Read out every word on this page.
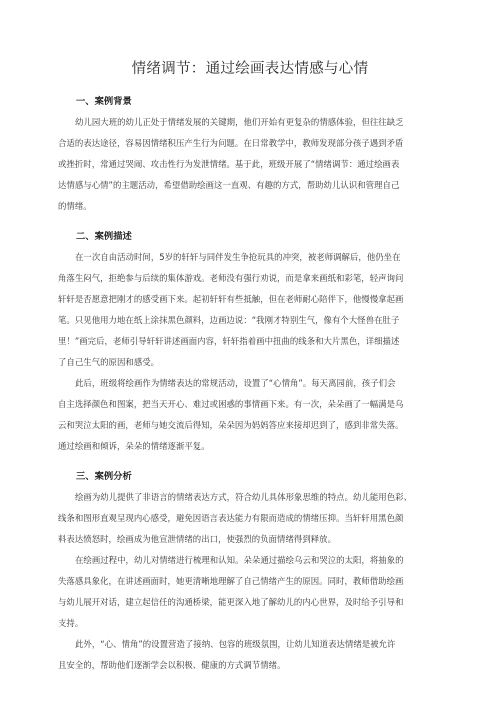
情绪调节：通过绘画表达情感与心情
一、案例背景
幼儿园大班的幼儿正处于情绪发展的关键期，他们开始有更复杂的情感体验，但往往缺乏
合适的表达途径，容易因情绪积压产生行为问题。在日常教学中，教师发现部分孩子遇到矛盾
或挫折时，常通过哭闹、攻击性行为发泄情绪。基于此，班级开展了“情绪调节：通过绘画表
达情感与心情”的主题活动，希望借助绘画这一直观、有趣的方式，帮助幼儿认识和管理自己
的情绪。
二、案例描述
在一次自由活动时间，5岁的轩轩与同伴发生争抢玩具的冲突，被老师调解后，他仍坐在
角落生闷气，拒绝参与后续的集体游戏。老师没有强行劝说，而是拿来画纸和彩笔，轻声询问
轩轩是否愿意把刚才的感受画下来。起初轩轩有些抵触，但在老师耐心陪伴下，他慢慢拿起画
笔。只见他用力地在纸上涂抹黑色颜料，边画边说：“我刚才特别生气，像有个大怪兽在肚子
里！”画完后，老师引导轩轩讲述画面内容，轩轩指着画中扭曲的线条和大片黑色，详细描述
了自己生气的原因和感受。
此后，班级将绘画作为情绪表达的常规活动，设置了“心情角”。每天离园前，孩子们会
自主选择颜色和图案，把当天开心、难过或困惑的事情画下来。有一次，朵朵画了一幅满是乌
云和哭泣太阳的画，老师与她交流后得知，朵朵因为妈妈答应来接却迟到了，感到非常失落。
通过绘画和倾诉，朵朵的情绪逐渐平复。
三、案例分析
绘画为幼儿提供了非语言的情绪表达方式，符合幼儿具体形象思维的特点。幼儿能用色彩、
线条和图形直观呈现内心感受，避免因语言表达能力有限而造成的情绪压抑。当轩轩用黑色颜
料表达愤怒时，绘画成为他宣泄情绪的出口，使强烈的负面情绪得到释放。
在绘画过程中，幼儿对情绪进行梳理和认知。朵朵通过描绘乌云和哭泣的太阳，将抽象的
失落感具象化，在讲述画面时，她更清晰地理解了自己情绪产生的原因。同时，教师借助绘画
与幼儿展开对话，建立起信任的沟通桥梁，能更深入地了解幼儿的内心世界，及时给予引导和
支持。
此外，“心、情角”的设置营造了接纳、包容的班级氛围，让幼儿知道表达情绪是被允许
且安全的，帮助他们逐渐学会以积极、健康的方式调节情绪。
